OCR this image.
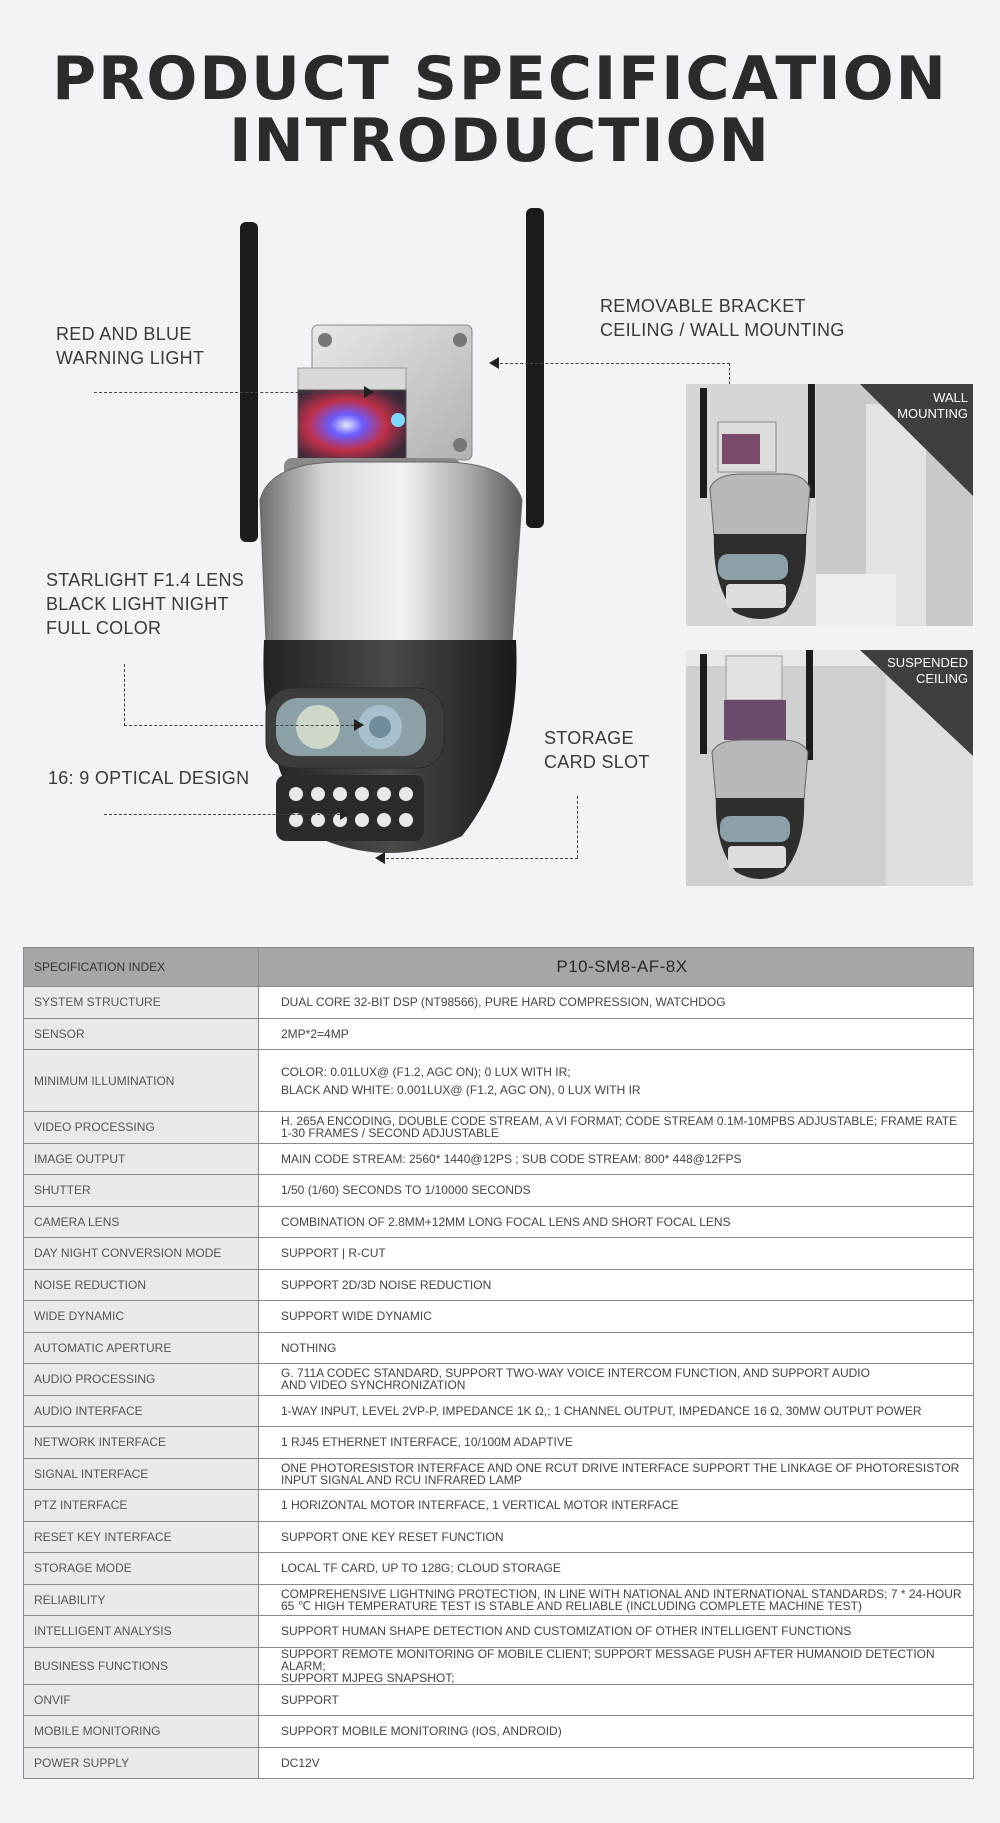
PRODUCT SPECIFICATION
INTRODUCTION
RED AND BLUE
WARNING LIGHT
REMOVABLE BRACKET
CEILING / WALL MOUNTING
STARLIGHT F1.4 LENS
BLACK LIGHT NIGHT
FULL COLOR
STORAGE
CARD SLOT
16: 9 OPTICAL DESIGN
WALL
MOUNTING
SUSPENDED
CEILING
SPECIFICATION INDEX	P10-SM8-AF-8X
SYSTEM STRUCTURE	DUAL CORE 32-BIT DSP (NT98566), PURE HARD COMPRESSION, WATCHDOG

SENSOR	2MP*2=4MP

MINIMUM ILLUMINATION	COLOR: 0.01LUX@ (F1.2, AGC ON); 0 LUX WITH IR;
BLACK AND WHITE: 0.001LUX@ (F1.2, AGC ON), 0 LUX WITH IR

VIDEO PROCESSING	H. 265A ENCODING, DOUBLE CODE STREAM, A VI FORMAT; CODE STREAM 0.1M-10MPBS ADJUSTABLE; FRAME RATE
1-30 FRAMES / SECOND ADJUSTABLE

IMAGE OUTPUT	MAIN CODE STREAM: 2560* 1440@12PS ; SUB CODE STREAM: 800* 448@12FPS

SHUTTER	1/50 (1/60) SECONDS TO 1/10000 SECONDS

CAMERA LENS	COMBINATION OF 2.8MM+12MM LONG FOCAL LENS AND SHORT FOCAL LENS

DAY NIGHT CONVERSION MODE	SUPPORT | R-CUT

NOISE REDUCTION	SUPPORT 2D/3D NOISE REDUCTION

WIDE DYNAMIC	SUPPORT WIDE DYNAMIC

AUTOMATIC APERTURE	NOTHING

AUDIO PROCESSING	G. 711A CODEC STANDARD, SUPPORT TWO-WAY VOICE INTERCOM FUNCTION, AND SUPPORT AUDIO
AND VIDEO SYNCHRONIZATION

AUDIO INTERFACE	1-WAY INPUT, LEVEL 2VP-P, IMPEDANCE 1K Ω,; 1 CHANNEL OUTPUT, IMPEDANCE 16 Ω, 30MW OUTPUT POWER

NETWORK INTERFACE	1 RJ45 ETHERNET INTERFACE, 10/100M ADAPTIVE

SIGNAL INTERFACE	ONE PHOTORESISTOR INTERFACE AND ONE RCUT DRIVE INTERFACE SUPPORT THE LINKAGE OF PHOTORESISTOR
INPUT SIGNAL AND RCU INFRARED LAMP

PTZ INTERFACE	1 HORIZONTAL MOTOR INTERFACE, 1 VERTICAL MOTOR INTERFACE

RESET KEY INTERFACE	SUPPORT ONE KEY RESET FUNCTION

STORAGE MODE	LOCAL TF CARD, UP TO 128G; CLOUD STORAGE

RELIABILITY	COMPREHENSIVE LIGHTNING PROTECTION, IN LINE WITH NATIONAL AND INTERNATIONAL STANDARDS; 7 * 24-HOUR
65 ℃ HIGH TEMPERATURE TEST IS STABLE AND RELIABLE (INCLUDING COMPLETE MACHINE TEST)

INTELLIGENT ANALYSIS	SUPPORT HUMAN SHAPE DETECTION AND CUSTOMIZATION OF OTHER INTELLIGENT FUNCTIONS

BUSINESS FUNCTIONS	SUPPORT REMOTE MONITORING OF MOBILE CLIENT; SUPPORT MESSAGE PUSH AFTER HUMANOID DETECTION ALARM;
SUPPORT MJPEG SNAPSHOT;

ONVIF	SUPPORT

MOBILE MONITORING	SUPPORT MOBILE MONITORING (IOS, ANDROID)

POWER SUPPLY	DC12V
